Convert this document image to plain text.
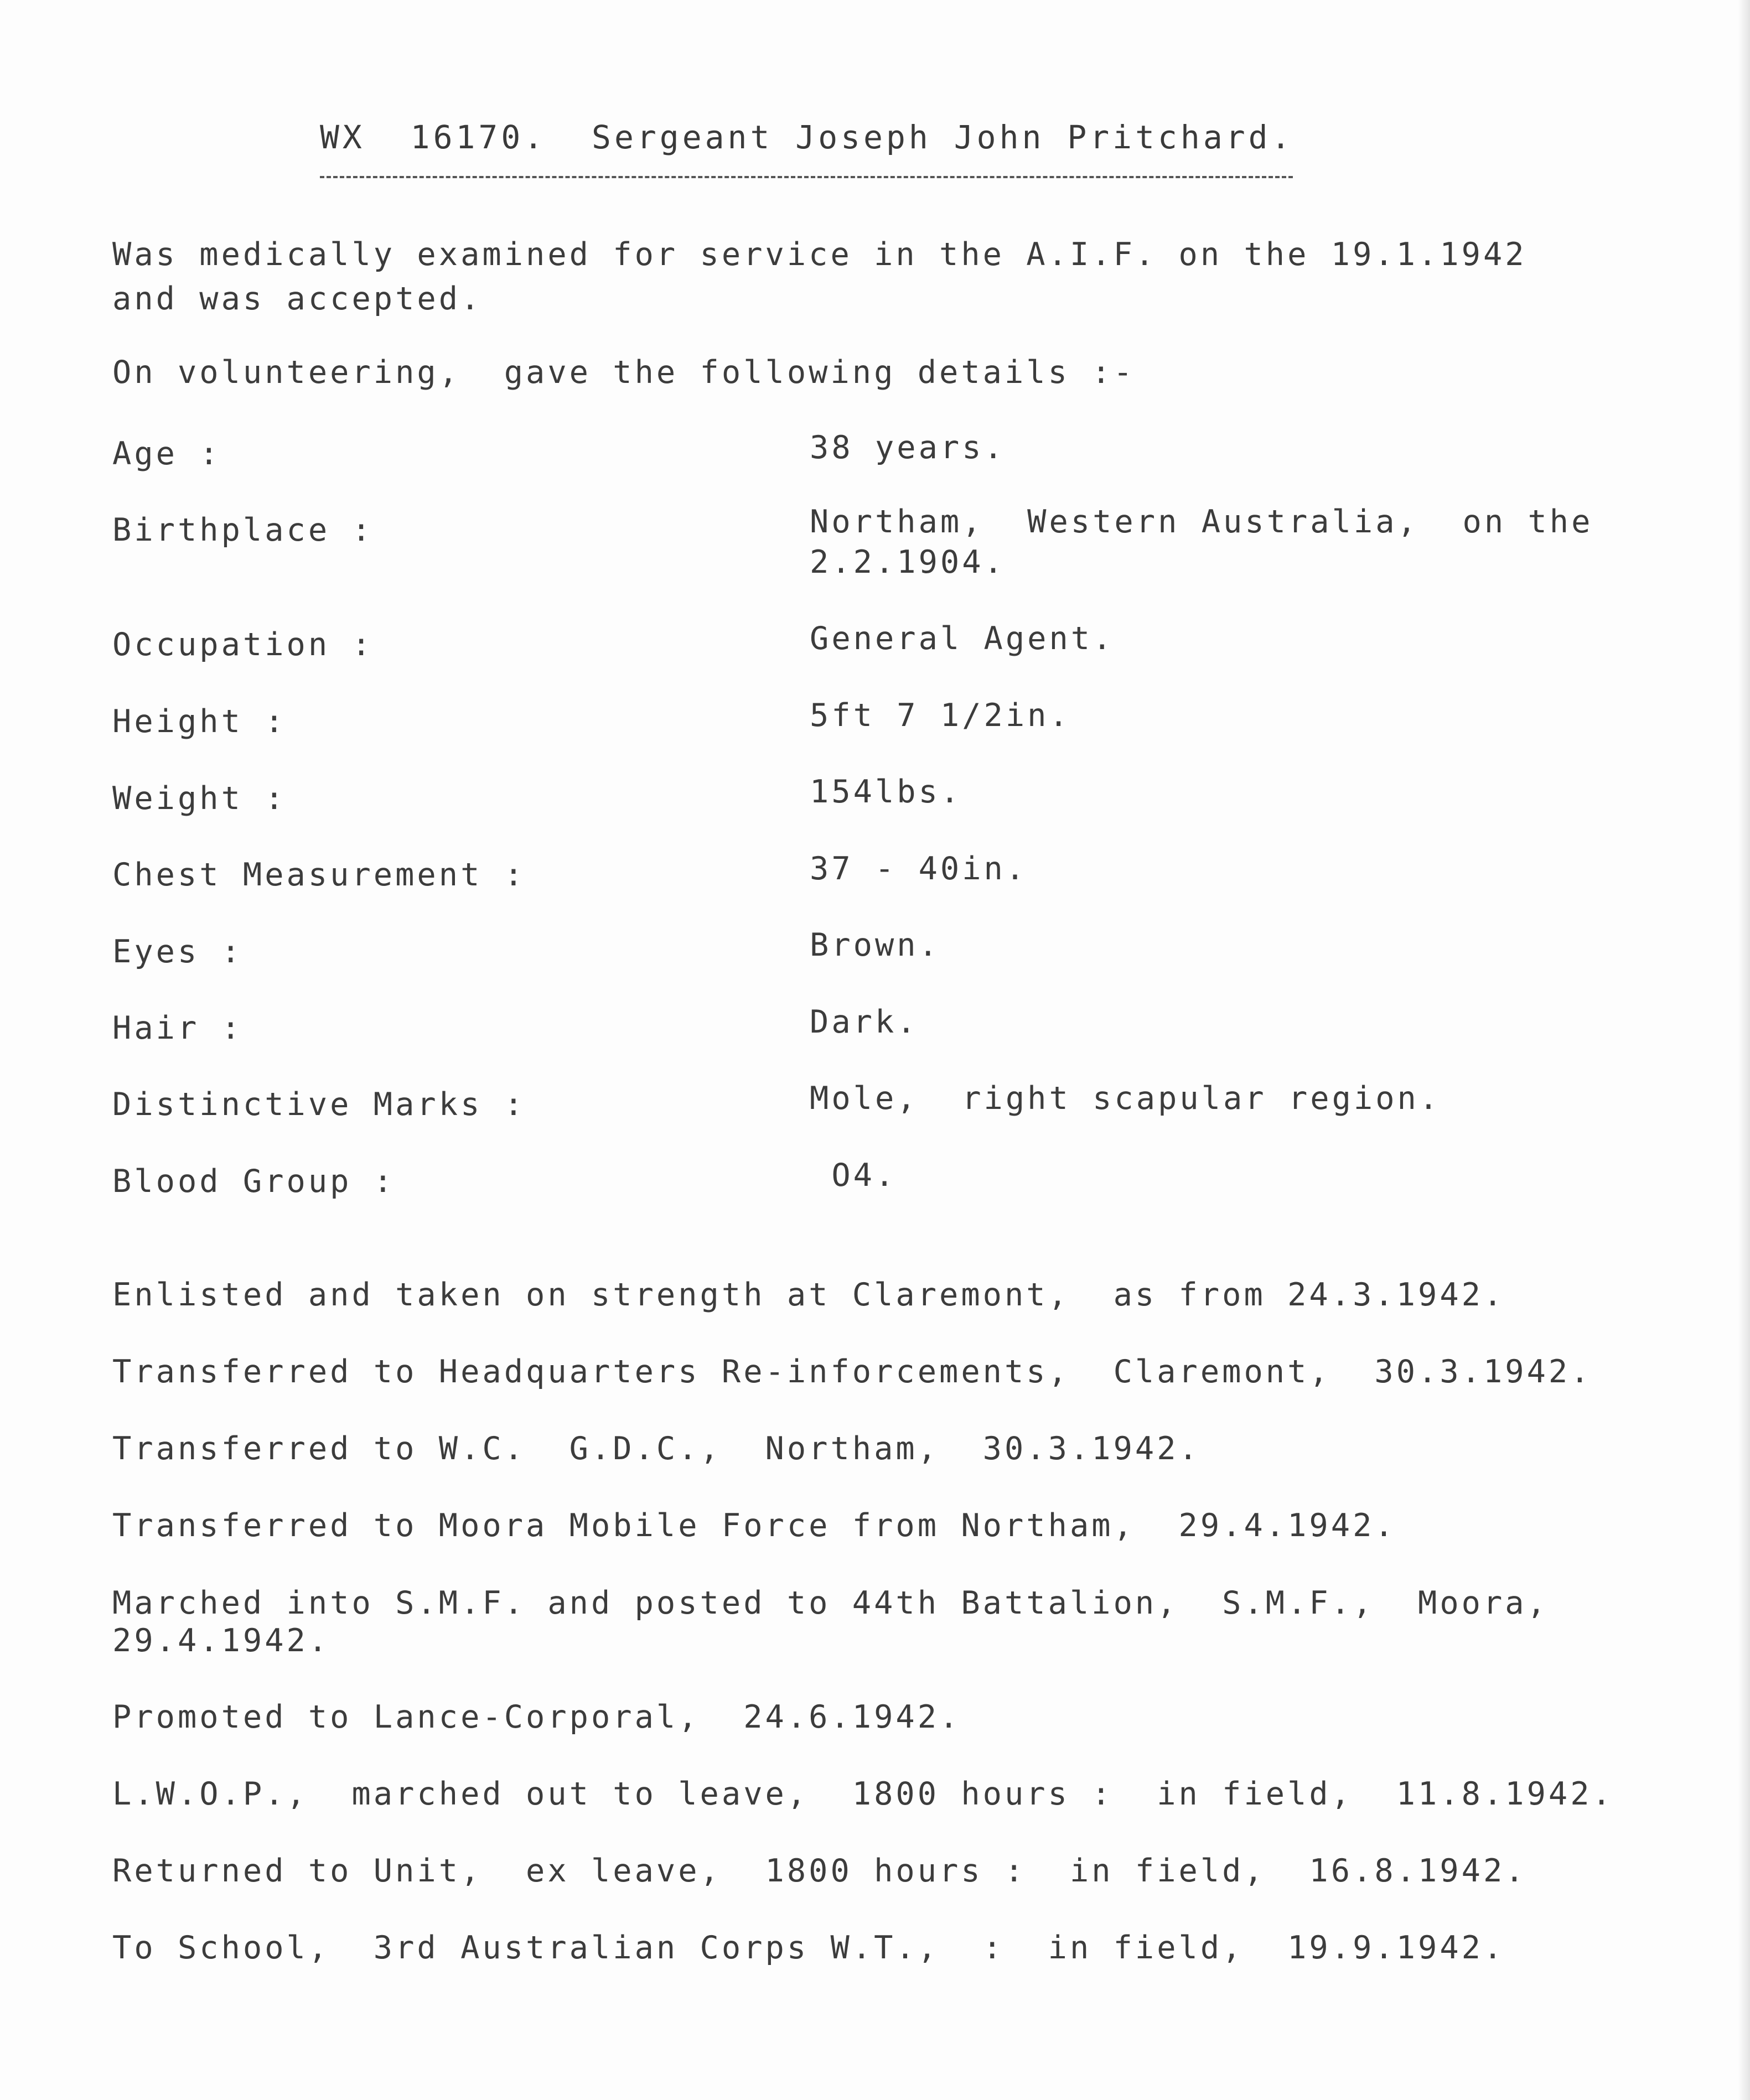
WX  16170.  Sergeant Joseph John Pritchard.
Was medically examined for service in the A.I.F. on the 19.1.1942
and was accepted.
On volunteering,  gave the following details :-
Age :
Birthplace :
Occupation :
Height :
Weight :
Chest Measurement :
Eyes :
Hair :
Distinctive Marks :
Blood Group :
38 years.
Northam,  Western Australia,  on the
2.2.1904.
General Agent.
5ft 7 1/2in.
154lbs.
37 - 40in.
Brown.
Dark.
Mole,  right scapular region.
O4.
Enlisted and taken on strength at Claremont,  as from 24.3.1942.
Transferred to Headquarters Re-inforcements,  Claremont,  30.3.1942.
Transferred to W.C.  G.D.C.,  Northam,  30.3.1942.
Transferred to Moora Mobile Force from Northam,  29.4.1942.
Marched into S.M.F. and posted to 44th Battalion,  S.M.F.,  Moora,
29.4.1942.
Promoted to Lance-Corporal,  24.6.1942.
L.W.O.P.,  marched out to leave,  1800 hours :  in field,  11.8.1942.
Returned to Unit,  ex leave,  1800 hours :  in field,  16.8.1942.
To School,  3rd Australian Corps W.T.,  :  in field,  19.9.1942.
